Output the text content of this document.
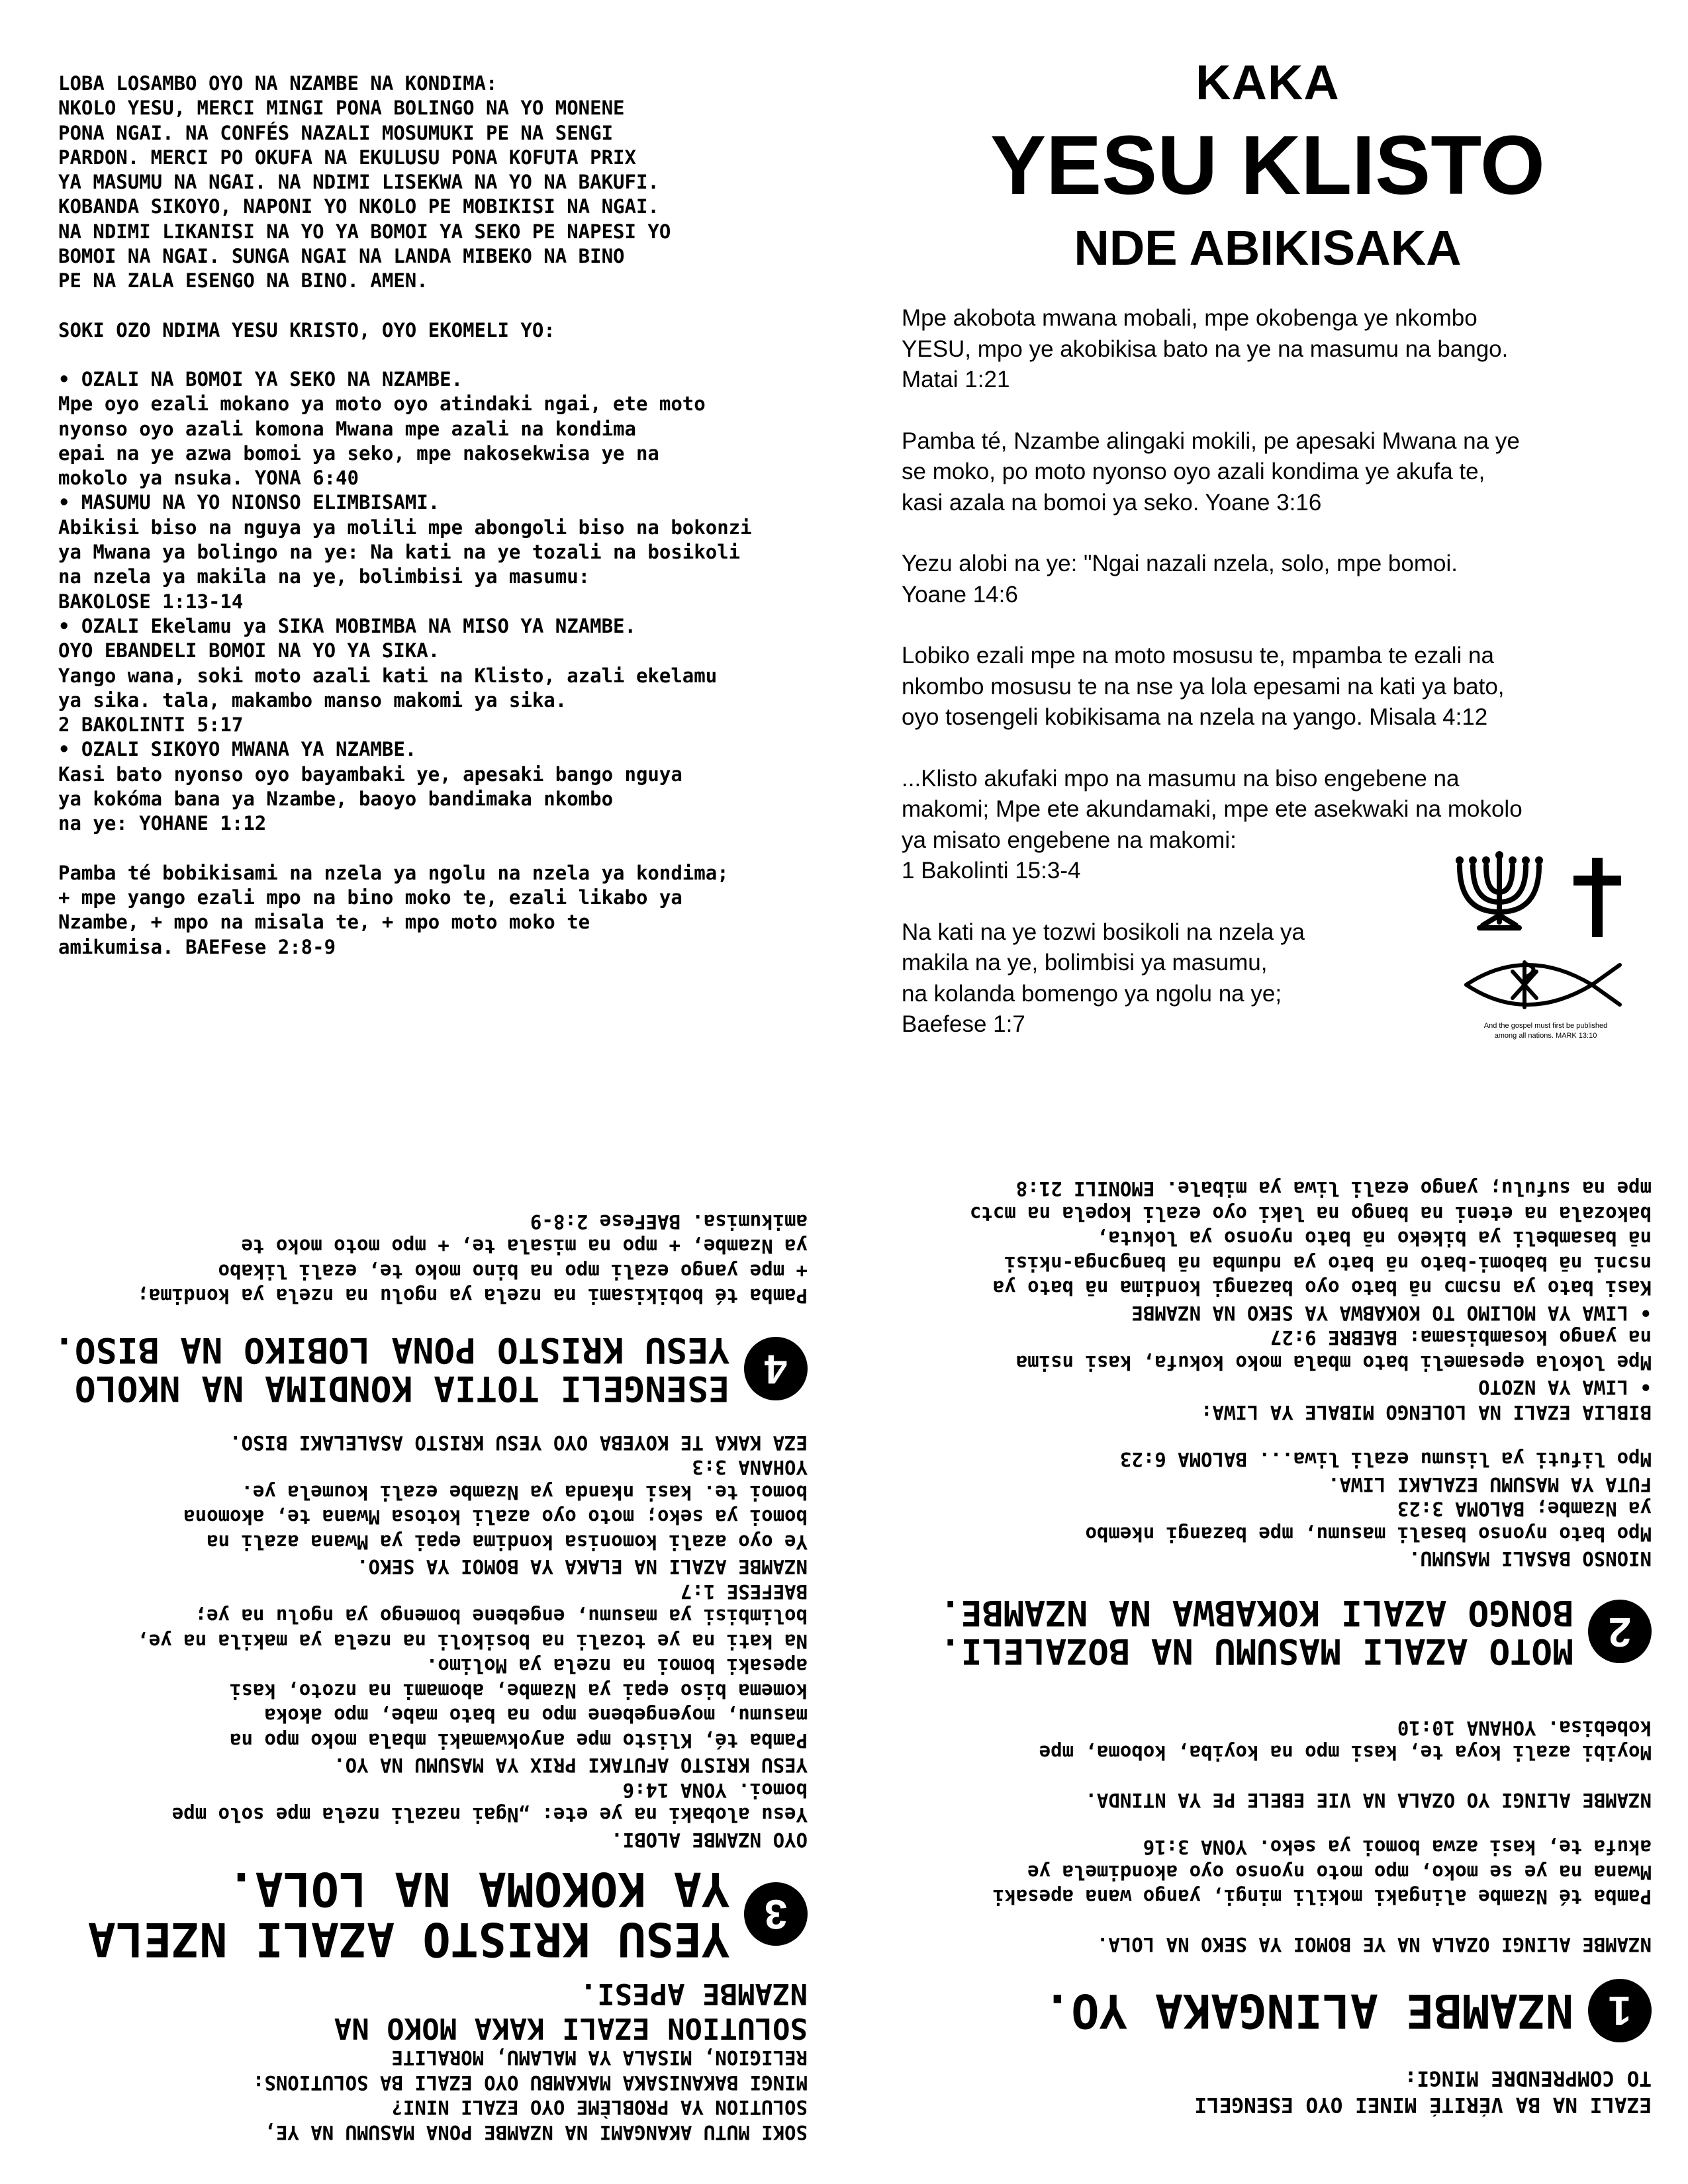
LOBA LOSAMBO OYO NA NZAMBE NA KONDIMA:
NKOLO YESU, MERCI MINGI PONA BOLINGO NA YO MONENE
PONA NGAI. NA CONFÉS NAZALI MOSUMUKI PE NA SENGI
PARDON. MERCI PO OKUFA NA EKULUSU PONA KOFUTA PRIX
YA MASUMU NA NGAI. NA NDIMI LISEKWA NA YO NA BAKUFI.
KOBANDA SIKOYO, NAPONI YO NKOLO PE MOBIKISI NA NGAI.
NA NDIMI LIKANISI NA YO YA BOMOI YA SEKO PE NAPESI YO
BOMOI NA NGAI. SUNGA NGAI NA LANDA MIBEKO NA BINO
PE NA ZALA ESENGO NA BINO. AMEN.

SOKI OZO NDIMA YESU KRISTO, OYO EKOMELI YO:

• OZALI NA BOMOI YA SEKO NA NZAMBE.
Mpe oyo ezali mokano ya moto oyo atindaki ngai, ete moto
nyonso oyo azali komona Mwana mpe azali na kondima
epai na ye azwa bomoi ya seko, mpe nakosekwisa ye na
mokolo ya nsuka. YONA 6:40
• MASUMU NA YO NIONSO ELIMBISAMI.
Abikisi biso na nguya ya molili mpe abongoli biso na bokonzi
ya Mwana ya bolingo na ye: Na kati na ye tozali na bosikoli
na nzela ya makila na ye, bolimbisi ya masumu:
BAKOLOSE 1:13-14
• OZALI Ekelamu ya SIKA MOBIMBA NA MISO YA NZAMBE.
OYO EBANDELI BOMOI NA YO YA SIKA.
Yango wana, soki moto azali kati na Klisto, azali ekelamu
ya sika. tala, makambo manso makomi ya sika.
2 BAKOLINTI 5:17
• OZALI SIKOYO MWANA YA NZAMBE.
Kasi bato nyonso oyo bayambaki ye, apesaki bango nguya
ya kokóma bana ya Nzambe, baoyo bandimaka nkombo
na ye: YOHANE 1:12

Pamba té bobikisami na nzela ya ngolu na nzela ya kondima;
+ mpe yango ezali mpo na bino moko te, ezali likabo ya
Nzambe, + mpo na misala te, + mpo moto moko te
amikumisa. BAEFese 2:8-9

KAKA
YESU KLISTO
NDE ABIKISAKA

Mpe akobota mwana mobali, mpe okobenga ye nkombo
YESU, mpo ye akobikisa bato na ye na masumu na bango.
Matai 1:21

Pamba té, Nzambe alingaki mokili, pe apesaki Mwana na ye
se moko, po moto nyonso oyo azali kondima ye akufa te,
kasi azala na bomoi ya seko. Yoane 3:16

Yezu alobi na ye: "Ngai nazali nzela, solo, mpe bomoi.
Yoane 14:6

Lobiko ezali mpe na moto mosusu te, mpamba te ezali na
nkombo mosusu te na nse ya lola epesami na kati ya bato,
oyo tosengeli kobikisama na nzela na yango. Misala 4:12

...Klisto akufaki mpo na masumu na biso engebene na
makomi; Mpe ete akundamaki, mpe ete asekwaki na mokolo
ya misato engebene na makomi:
1 Bakolinti 15:3-4

Na kati na ye tozwi bosikoli na nzela ya
makila na ye, bolimbisi ya masumu,
na kolanda bomengo ya ngolu na ye;
Baefese 1:7	And the gospel must first be published
among all nations. MARK 13:10

EZALI NA BA VÉRITÉ MINEI OYO ESENGELI
TO COMPRENDRE MINGI:

1
NZAMBE ALINGAKA YO.

NZAMBE ALINGI OZALA NA YE BOMOI YA SEKO NA LOLA.

Pamba té Nzambe alingaki mokili mingi, yango wana apesaki
Mwana na ye se moko, mpo moto nyonso oyo akondimela ye
akufa te, kasi azwa bomoi ya seko. YONA 3:16

NZAMBE ALINGI YO OZALA NA VIE EBELE PE YA NTINDA.

Moyibi azali koya te, kasi mpo na koyiba, koboma, mpe
kobebisa. YOHANA 10:10

2
MOTO AZALI MASUMU NA BOZALELI.
BONGO AZALI KOKABWA NA NZAMBE.

NIONSO BASALI MASUMU.

Mpo bato nyonso basali masumu, mpe bazangi nkembo
ya Nzambe; BALOMA 3:23
FUTA YA MASUMU EZALAKI LIWA.
Mpo lifuti ya lisumu ezali liwa... BALOMA 6:23

BIBLIA EZALI NA LOLENGO MIBALE YA LIWA:

• LIWA YA NZOTO
Mpe lokola epesameli bato mbala moko kokufa, kasi nsima
na yango kosambisama: BAEBRE 9:27
• LIWA YA MOLIMO TO KOKABWA YA SEKO NA NZAMBE
Kasi bato ya nsɔmɔ nā bato oyo bazangi kondima nā bato ya
nsɔni nā babomi-bato nā bato ya ndumba nā bangɔnga-nkisi
nā basambeli ya bikeko nā bato nyonso ya lokuta,
bakozala na eteni na bango na laki oyo ezali kopela na mɔtɔ
mpe na sufulu; yango ezali liwa ya mibale. EMONILI 21:8

SOKI MUTU AKANGAMI NA NZAMBE PONA MASUMU NA YE,
SOLUTION YA PROBLÈME OYO EZALI NINI?
MINGI BAKANISAKA MAKAMBU OYO EZALI BA SOLUTIONS:
RELIGION, MISALA YA MALAMU, MORALITE

SOLUTION EZALI KAKA MOKO NA
NZAMBE APESI.

3
YESU KRISTO AZALI NZELA
YA KOKOMA NA LOLA.

OYO NZAMBE ALOBI.

Yesu alobaki na ye ete: „Ngai nazali nzela mpe solo mpe
bomoi. YONA 14:6
YESU KRISTO AFUTAKI PRIX YA MASUMU NA YO.
Pamba té, Klisto mpe anyokwamaki mbala moko mpo na
masumu, moyengebene mpo na bato mabe, mpo akoka
komema biso epai ya Nzambe, abomami na nzoto, kasi
apesaki bomoi na nzela ya Molimo.
Na kati na ye tozali na bosikoli na nzela ya makila na ye,
bolimbisi ya masumu, engebene bomengo ya ngolu na ye;
BAEFESE 1:7
NZAMBE AZALI NA ELAKA YA BOMOI YA SEKO.
Ye oyo azali komonisa kondima epai ya Mwana azali na
bomoi ya seko; moto oyo azali kotosa Mwana te, akomona
bomoi te. kasi nkanda ya Nzambe ezali koumela ye.
YOHANA 3:3
EZA KAKA TE KOYEBA OYO YESU KRISTO ASALELAKI BISO.

4
ESENGELI TOTIA KONDIMA NA NKOLO
YESU KRISTO PONA LOBIKO NA BISO.

Pamba té bobikisami na nzela ya ngolu na nzela ya kondima;
+ mpe yango ezali mpo na bino moko te, ezali likabo
ya Nzambe, + mpo na misala te, + mpo moto moko te
amikumisa. BAEFese 2:8-9
